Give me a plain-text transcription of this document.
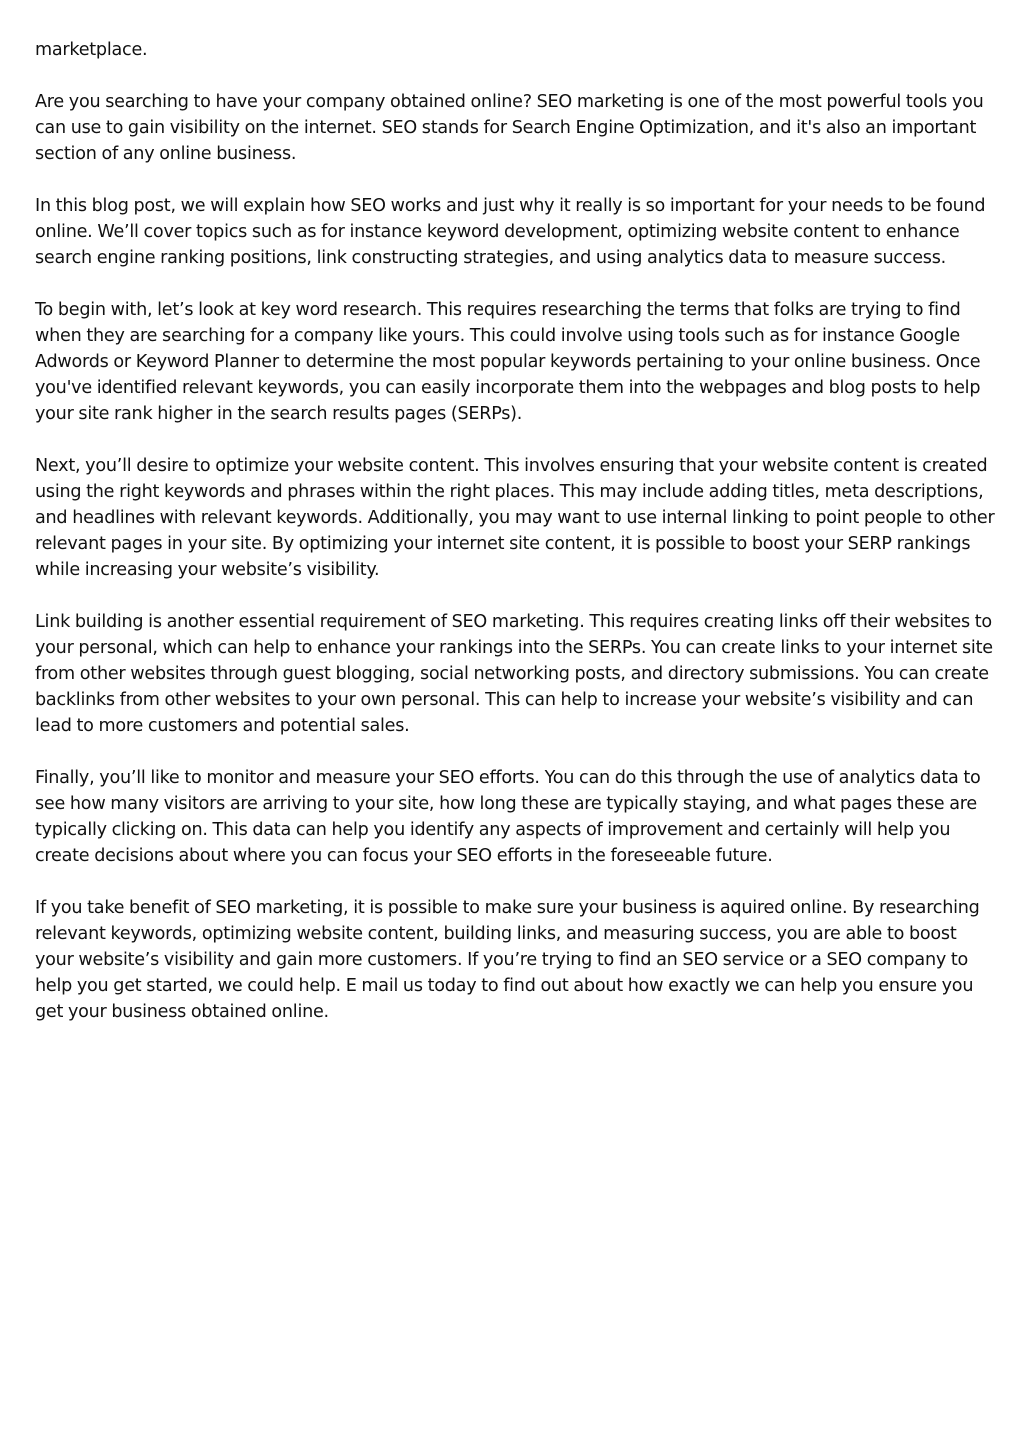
marketplace.

Are you searching to have your company obtained online? SEO marketing is one of the most powerful tools you can use to gain visibility on the internet. SEO stands for Search Engine Optimization, and it's also an important section of any online business.

In this blog post, we will explain how SEO works and just why it really is so important for your needs to be found online. We’ll cover topics such as for instance keyword development, optimizing website content to enhance search engine ranking positions, link constructing strategies, and using analytics data to measure success.

To begin with, let’s look at key word research. This requires researching the terms that folks are trying to find when they are searching for a company like yours. This could involve using tools such as for instance Google Adwords or Keyword Planner to determine the most popular keywords pertaining to your online business. Once you've identified relevant keywords, you can easily incorporate them into the webpages and blog posts to help your site rank higher in the search results pages (SERPs).

Next, you’ll desire to optimize your website content. This involves ensuring that your website content is created using the right keywords and phrases within the right places. This may include adding titles, meta descriptions, and headlines with relevant keywords. Additionally, you may want to use internal linking to point people to other relevant pages in your site. By optimizing your internet site content, it is possible to boost your SERP rankings while increasing your website’s visibility.

Link building is another essential requirement of SEO marketing. This requires creating links off their websites to your personal, which can help to enhance your rankings into the SERPs. You can create links to your internet site from other websites through guest blogging, social networking posts, and directory submissions. You can create backlinks from other websites to your own personal. This can help to increase your website’s visibility and can lead to more customers and potential sales.

Finally, you’ll like to monitor and measure your SEO efforts. You can do this through the use of analytics data to see how many visitors are arriving to your site, how long these are typically staying, and what pages these are typically clicking on. This data can help you identify any aspects of improvement and certainly will help you create decisions about where you can focus your SEO efforts in the foreseeable future.

If you take benefit of SEO marketing, it is possible to make sure your business is aquired online. By researching relevant keywords, optimizing website content, building links, and measuring success, you are able to boost your website’s visibility and gain more customers. If you’re trying to find an SEO service or a SEO company to help you get started, we could help. E mail us today to find out about how exactly we can help you ensure you get your business obtained online.
